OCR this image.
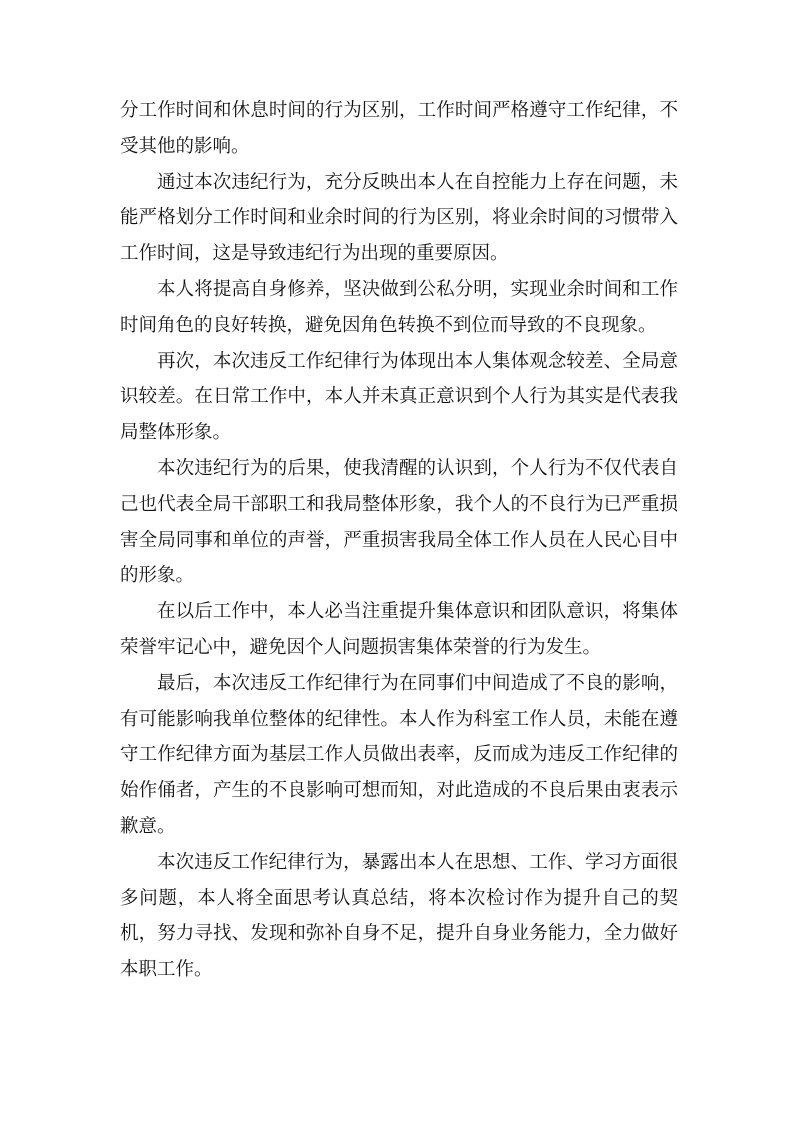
分工作时间和休息时间的行为区别，工作时间严格遵守工作纪律，不受其他的影响。

通过本次违纪行为，充分反映出本人在自控能力上存在问题，未能严格划分工作时间和业余时间的行为区别，将业余时间的习惯带入工作时间，这是导致违纪行为出现的重要原因。

本人将提高自身修养，坚决做到公私分明，实现业余时间和工作时间角色的良好转换，避免因角色转换不到位而导致的不良现象。

再次，本次违反工作纪律行为体现出本人集体观念较差、全局意识较差。在日常工作中，本人并未真正意识到个人行为其实是代表我局整体形象。

本次违纪行为的后果，使我清醒的认识到，个人行为不仅代表自己也代表全局干部职工和我局整体形象，我个人的不良行为已严重损害全局同事和单位的声誉，严重损害我局全体工作人员在人民心目中的形象。

在以后工作中，本人必当注重提升集体意识和团队意识，将集体荣誉牢记心中，避免因个人问题损害集体荣誉的行为发生。

最后，本次违反工作纪律行为在同事们中间造成了不良的影响，有可能影响我单位整体的纪律性。本人作为科室工作人员，未能在遵守工作纪律方面为基层工作人员做出表率，反而成为违反工作纪律的始作俑者，产生的不良影响可想而知，对此造成的不良后果由衷表示歉意。

本次违反工作纪律行为，暴露出本人在思想、工作、学习方面很多问题，本人将全面思考认真总结，将本次检讨作为提升自己的契机，努力寻找、发现和弥补自身不足，提升自身业务能力，全力做好本职工作。
